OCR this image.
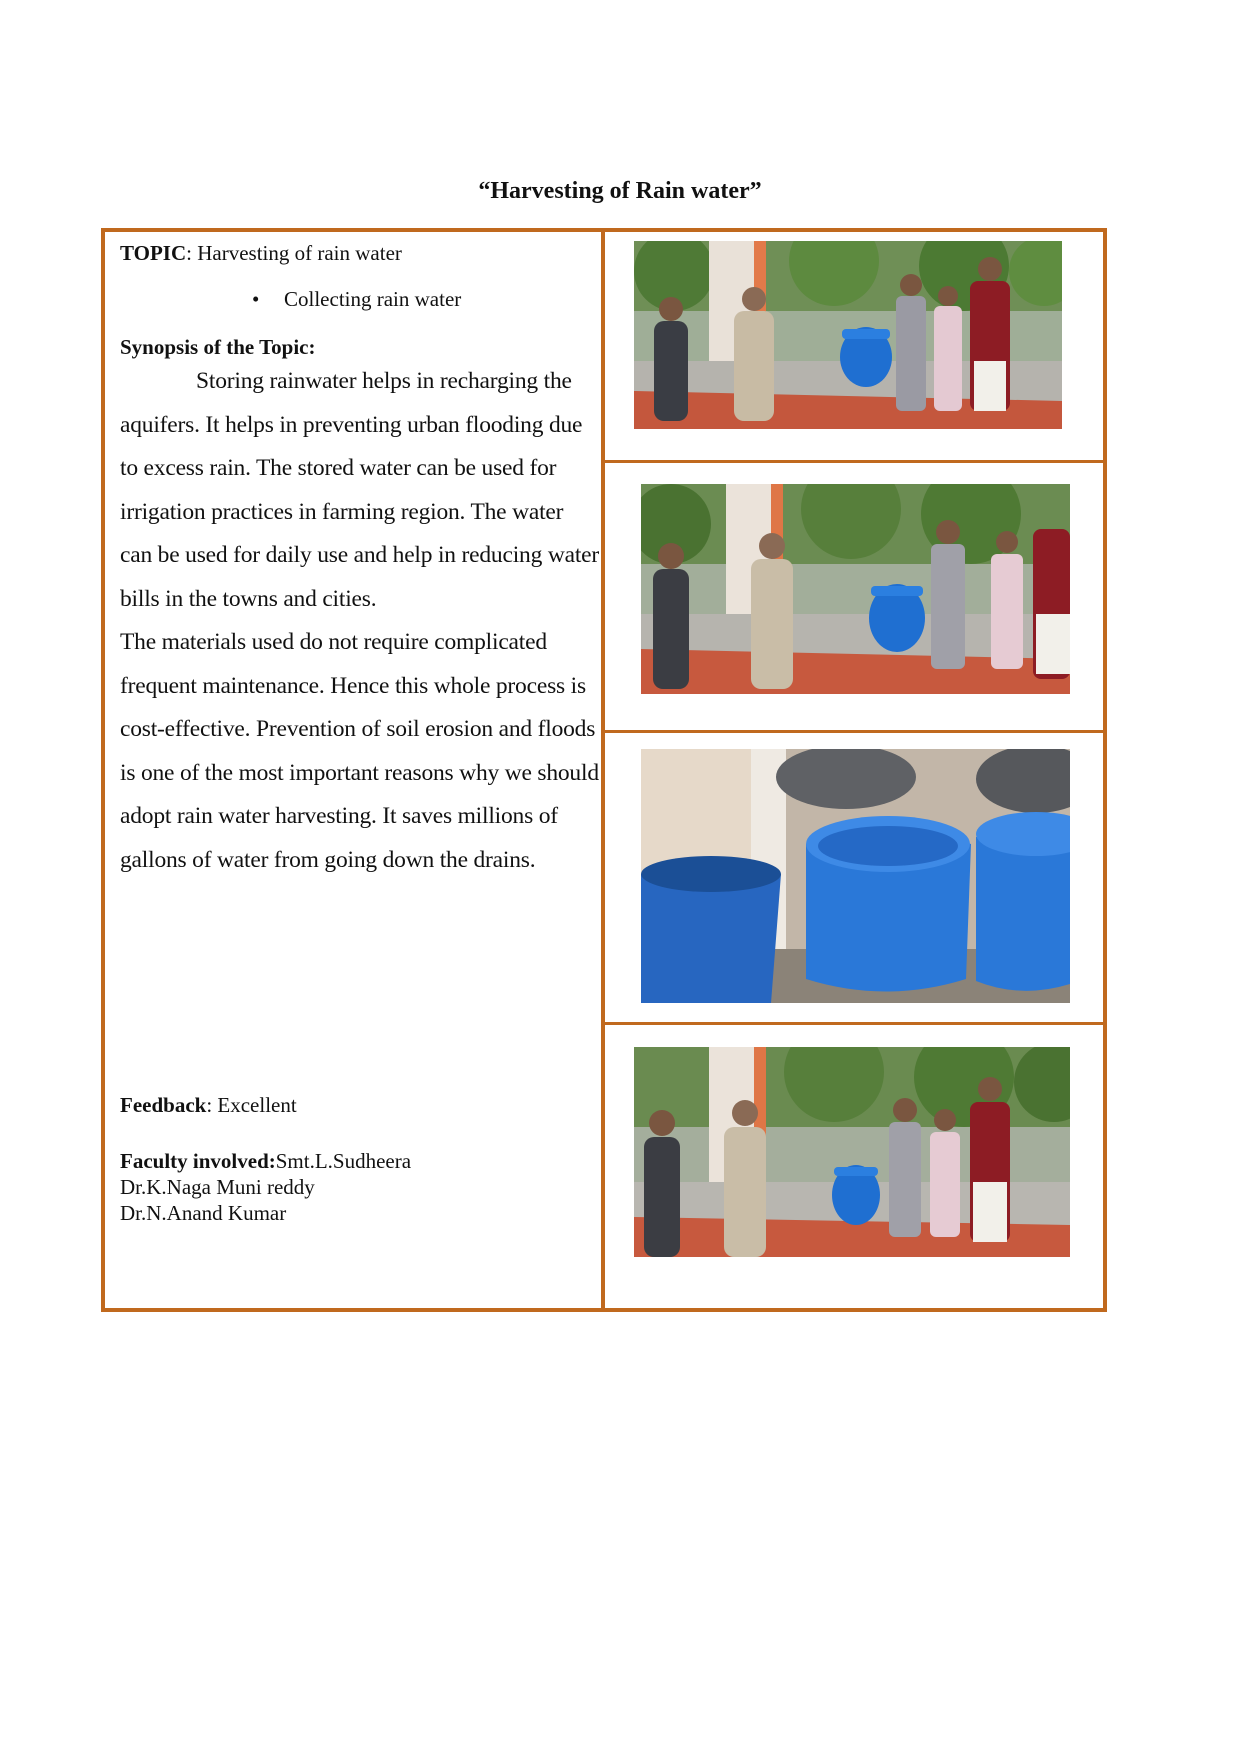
“Harvesting of Rain water”
TOPIC: Harvesting of rain water
• Collecting rain water
Synopsis of the Topic:
Storing rainwater helps in recharging the aquifers. It helps in preventing urban flooding due to excess rain. The stored water can be used for irrigation practices in farming region. The water can be used for daily use and help in reducing water bills in the towns and cities.
The materials used do not require complicated frequent maintenance. Hence this whole process is cost-effective. Prevention of soil erosion and floods is one of the most important reasons why we should adopt rain water harvesting. It saves millions of gallons of water from going down the drains.
Feedback: Excellent
Faculty involved:Smt.L.Sudheera
Dr.K.Naga Muni reddy
Dr.N.Anand Kumar
